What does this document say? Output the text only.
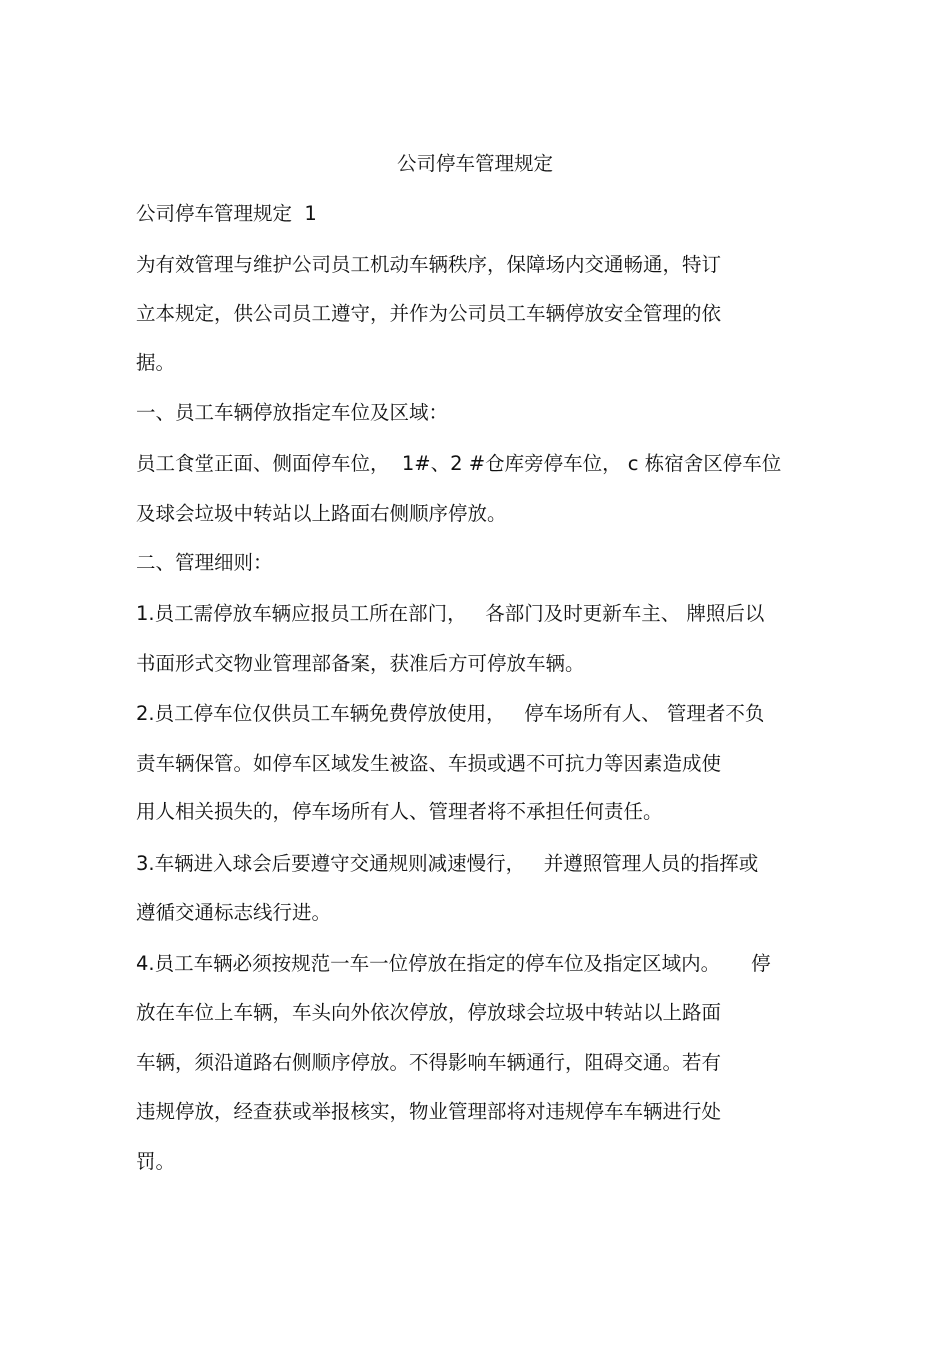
公司停车管理规定
公司停车管理规定  1
为有效管理与维护公司员工机动车辆秩序，保障场内交通畅通，特订
立本规定，供公司员工遵守，并作为公司员工车辆停放安全管理的依
据。
一、员工车辆停放指定车位及区域：
员工食堂正面、侧面停车位，  1#、2 #仓库旁停车位， c 栋宿舍区停车位
及球会垃圾中转站以上路面右侧顺序停放。
二、管理细则：
1.员工需停放车辆应报员工所在部门，   各部门及时更新车主、 牌照后以
书面形式交物业管理部备案，获准后方可停放车辆。
2.员工停车位仅供员工车辆免费停放使用，   停车场所有人、 管理者不负
责车辆保管。如停车区域发生被盗、车损或遇不可抗力等因素造成使
用人相关损失的，停车场所有人、管理者将不承担任何责任。
3.车辆进入球会后要遵守交通规则减速慢行，   并遵照管理人员的指挥或
遵循交通标志线行进。
4.员工车辆必须按规范一车一位停放在指定的停车位及指定区域内。     停
放在车位上车辆，车头向外依次停放，停放球会垃圾中转站以上路面
车辆，须沿道路右侧顺序停放。不得影响车辆通行，阻碍交通。若有
违规停放，经查获或举报核实，物业管理部将对违规停车车辆进行处
罚。
